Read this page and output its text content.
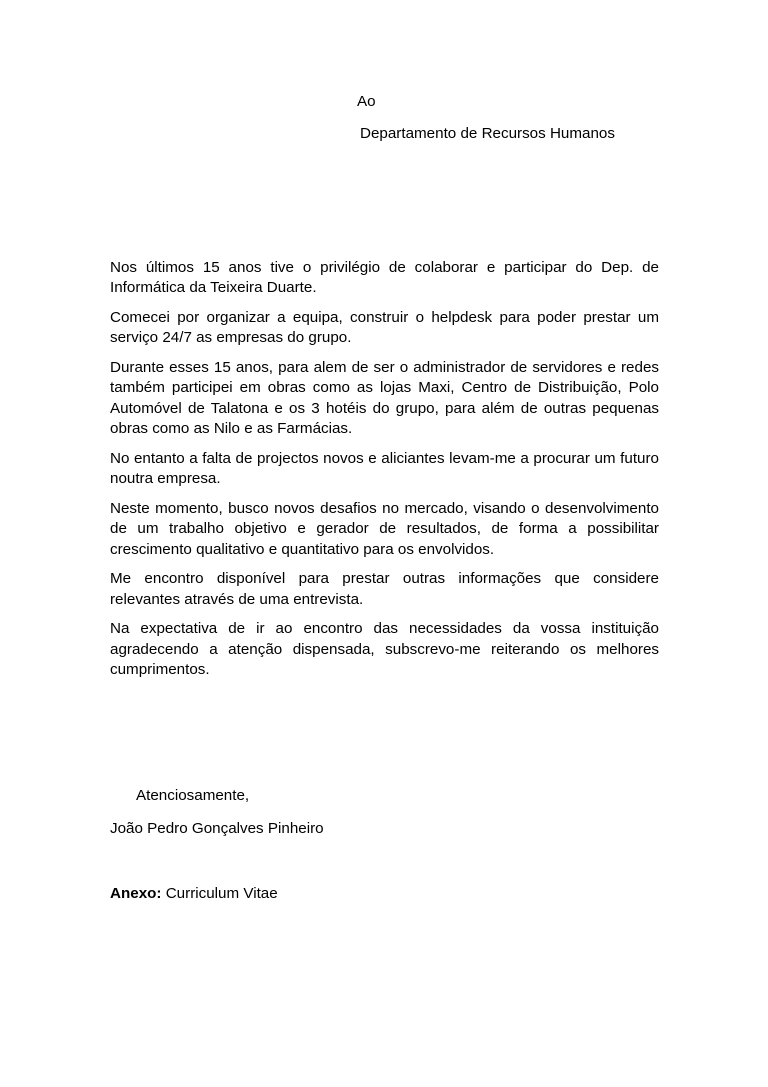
Ao
Departamento de Recursos Humanos

Nos últimos 15 anos tive o privilégio de colaborar e participar do Dep. de Informática da Teixeira Duarte.

Comecei por organizar a equipa, construir o helpdesk para poder prestar um serviço 24/7 as empresas do grupo.

Durante esses 15 anos, para alem de ser o administrador de servidores e redes também participei em obras como as lojas Maxi, Centro de Distribuição, Polo Automóvel de Talatona e os 3 hotéis do grupo, para além de outras pequenas obras como as Nilo e as Farmácias.

No entanto a falta de projectos novos e aliciantes levam-me a procurar um futuro noutra empresa.

Neste momento, busco novos desafios no mercado, visando o desenvolvimento de um trabalho objetivo e gerador de resultados, de forma a possibilitar crescimento qualitativo e quantitativo para os envolvidos.

Me encontro disponível para prestar outras informações que considere relevantes através de uma entrevista.

Na expectativa de ir ao encontro das necessidades da vossa instituição agradecendo a atenção dispensada, subscrevo-me reiterando os melhores cumprimentos.

Atenciosamente,
João Pedro Gonçalves Pinheiro
Anexo: Curriculum Vitae
